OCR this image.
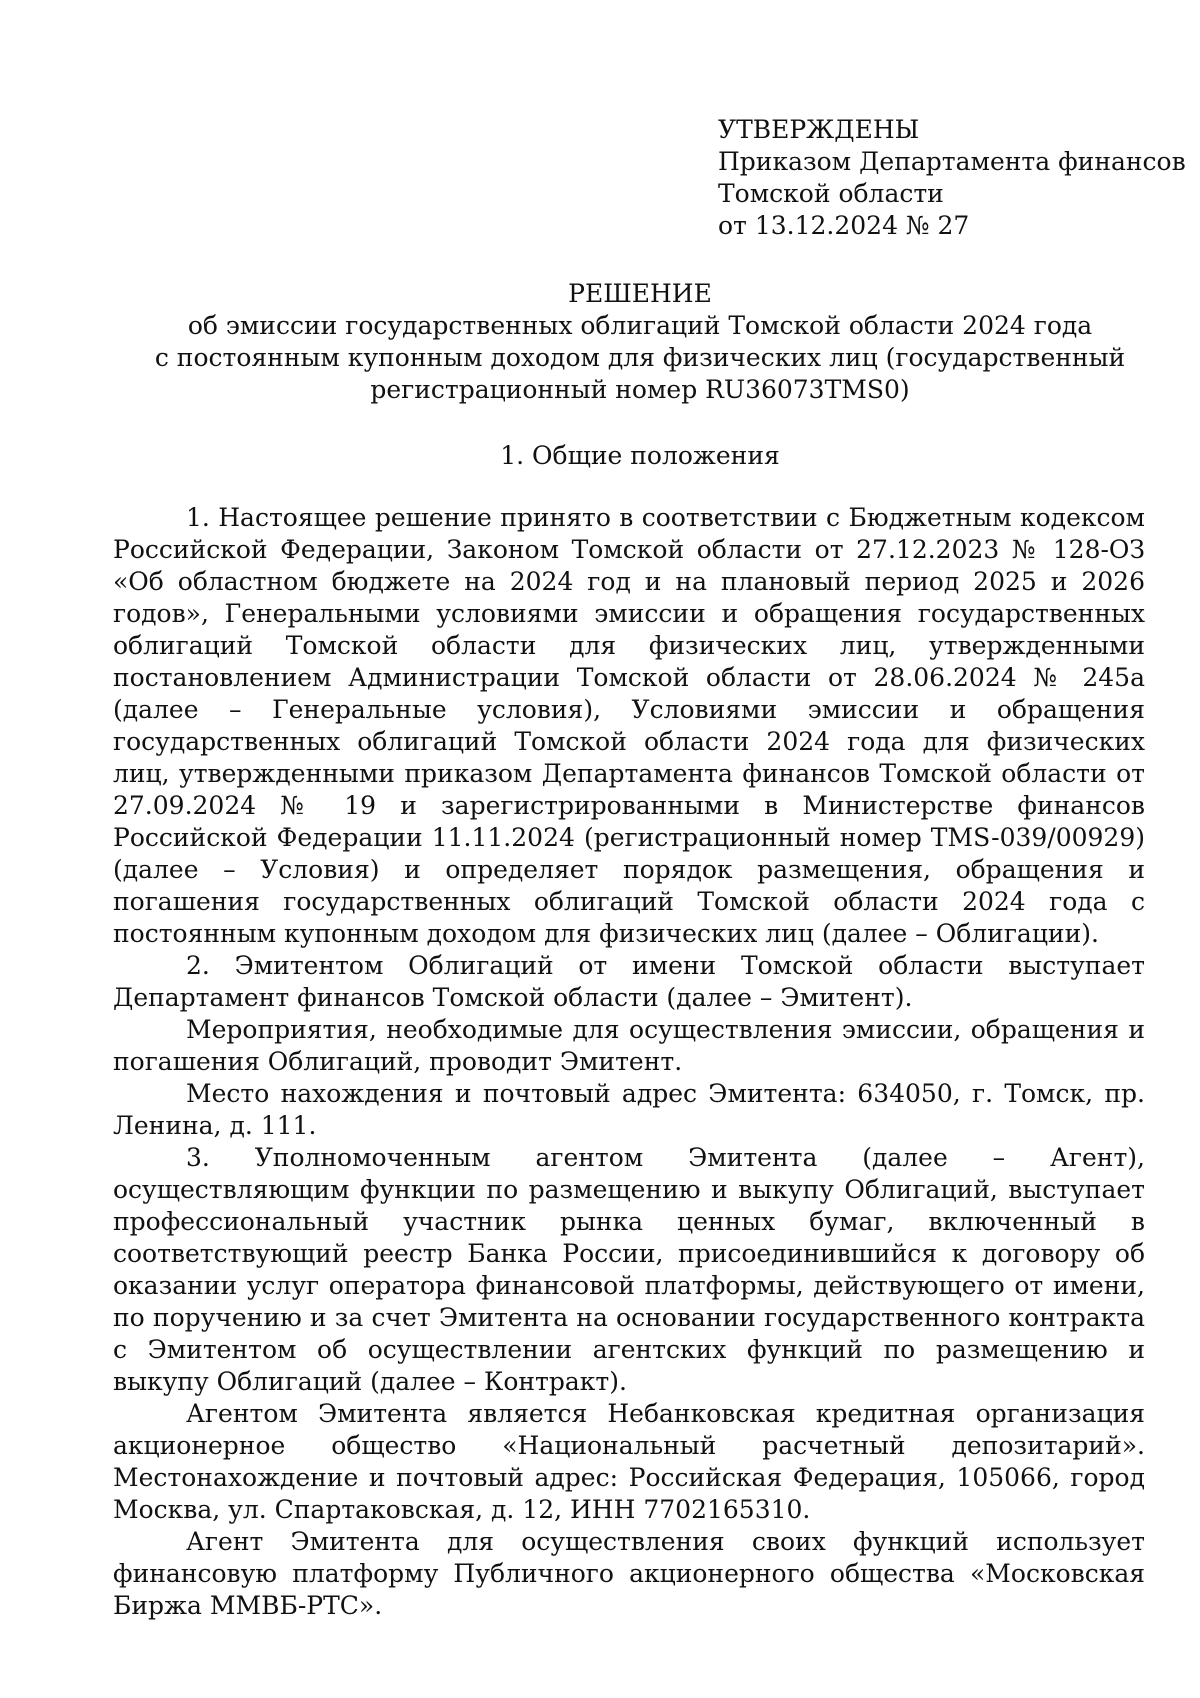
УТВЕРЖДЕНЫ
Приказом Департамента финансов
Томской области
от 13.12.2024 № 27
РЕШЕНИЕ
об эмиссии государственных облигаций Томской области 2024 года
с постоянным купонным доходом для физических лиц (государственный
регистрационный номер RU36073TMS0)
1. Общие положения

1. Настоящее решение принято в соответствии с Бюджетным кодексом Российской Федерации, Законом Томской области от 27.12.2023 № 128-ОЗ «Об областном бюджете на 2024 год и на плановый период 2025 и 2026 годов», Генеральными условиями эмиссии и обращения государственных облигаций Томской области для физических лиц, утвержденными постановлением Администрации Томской области от 28.06.2024 № 245а (далее – Генеральные условия), Условиями эмиссии и обращения государственных облигаций Томской области 2024 года для физических лиц, утвержденными приказом Департамента финансов Томской области от 27.09.2024 № 19 и зарегистрированными в Министерстве финансов Российской Федерации 11.11.2024 (регистрационный номер TMS-039/00929) (далее – Условия) и определяет порядок размещения, обращения и погашения государственных облигаций Томской области 2024 года с постоянным купонным доходом для физических лиц (далее – Облигации).

2. Эмитентом Облигаций от имени Томской области выступает Департамент финансов Томской области (далее – Эмитент).

Мероприятия, необходимые для осуществления эмиссии, обращения и погашения Облигаций, проводит Эмитент.

Место нахождения и почтовый адрес Эмитента: 634050, г. Томск, пр. Ленина, д. 111.

3. Уполномоченным агентом Эмитента (далее – Агент), осуществляющим функции по размещению и выкупу Облигаций, выступает профессиональный участник рынка ценных бумаг, включенный в соответствующий реестр Банка России, присоединившийся к договору об оказании услуг оператора финансовой платформы, действующего от имени, по поручению и за счет Эмитента на основании государственного контракта с Эмитентом об осуществлении агентских функций по размещению и выкупу Облигаций (далее – Контракт).

Агентом Эмитента является Небанковская кредитная организация акционерное общество «Национальный расчетный депозитарий». Местонахождение и почтовый адрес: Российская Федерация, 105066, город Москва, ул. Спартаковская, д. 12, ИНН 7702165310.

Агент Эмитента для осуществления своих функций использует финансовую платформу Публичного акционерного общества «Московская Биржа ММВБ-РТС».
